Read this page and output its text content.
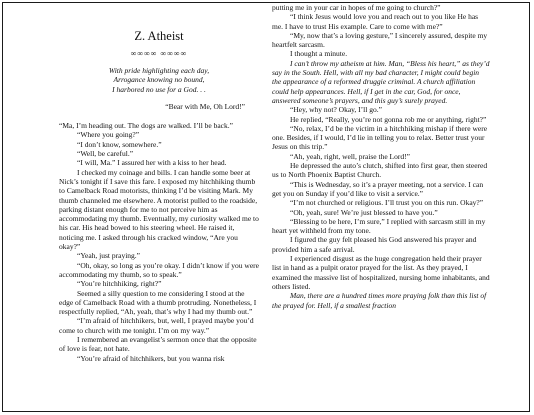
Z. Atheist
∞∞∞∞ ∞∞∞∞
With pride highlighting each day,
Arrogance knowing no bound,
I harbored no use for a God. . .
“Bear with Me, Oh Lord!”

“Ma, I’m heading out. The dogs are walked. I’ll be back.”

“Where you going?”

“I don’t know, somewhere.”

“Well, be careful.”

“I will, Ma.” I assured her with a kiss to her head.

I checked my coinage and bills. I can handle some beer at Nick’s tonight if I save this fare. I exposed my hitchhiking thumb to Camelback Road motorists, thinking I’d be visiting Mark. My thumb channeled me elsewhere. A motorist pulled to the roadside, parking distant enough for me to not perceive him as accommodating my thumb. Eventually, my curiosity walked me to his car. His head bowed to his steering wheel. He raised it, noticing me. I asked through his cracked window, “Are you okay?”

“Yeah, just praying.”

“Oh, okay, so long as you’re okay. I didn’t know if you were accommodating my thumb, so to speak.”

“You’re hitchhiking, right?”

Seemed a silly question to me considering I stood at the edge of Camelback Road with a thumb protruding. Nonetheless, I respectfully replied, “Ah, yeah, that’s why I had my thumb out.”

“I’m afraid of hitchhikers, but, well, I prayed maybe you’d come to church with me tonight. I’m on my way.”

I remembered an evangelist’s sermon once that the opposite of love is fear, not hate.

“You’re afraid of hitchhikers, but you wanna risk

putting me in your car in hopes of me going to church?”

“I think Jesus would love you and reach out to you like He has me. I have to trust His example. Care to come with me?”

“My, now that’s a loving gesture,” I sincerely assured, despite my heartfelt sarcasm.

I thought a minute.

I can’t throw my atheism at him. Man, “Bless his heart,” as they’d say in the South. Hell, with all my bad character, I might could begin the appearance of a reformed druggie criminal. A church affiliation could help appearances. Hell, if I get in the car, God, for once, answered someone’s prayers, and this guy’s surely prayed.

“Hey, why not? Okay, I’ll go.”

He replied, “Really, you’re not gonna rob me or anything, right?”

“No, relax, I’d be the victim in a hitchhiking mishap if there were one. Besides, if I would, I’d lie in telling you to relax. Better trust your Jesus on this trip.”

“Ah, yeah, right, well, praise the Lord!”

He depressed the auto’s clutch, shifted into first gear, then steered us to North Phoenix Baptist Church.

“This is Wednesday, so it’s a prayer meeting, not a service. I can get you on Sunday if you’d like to visit a service.”

“I’m not churched or religious. I’ll trust you on this run. Okay?”

“Oh, yeah, sure! We’re just blessed to have you.”

“Blessing to be here, I’m sure,” I replied with sarcasm still in my heart yet withheld from my tone.

I figured the guy felt pleased his God answered his prayer and provided him a safe arrival.

I experienced disgust as the huge congregation held their prayer list in hand as a pulpit orator prayed for the list. As they prayed, I examined the massive list of hospitalized, nursing home inhabitants, and others listed.

Man, there are a hundred times more praying folk than this list of the prayed for. Hell, if a smallest fraction
